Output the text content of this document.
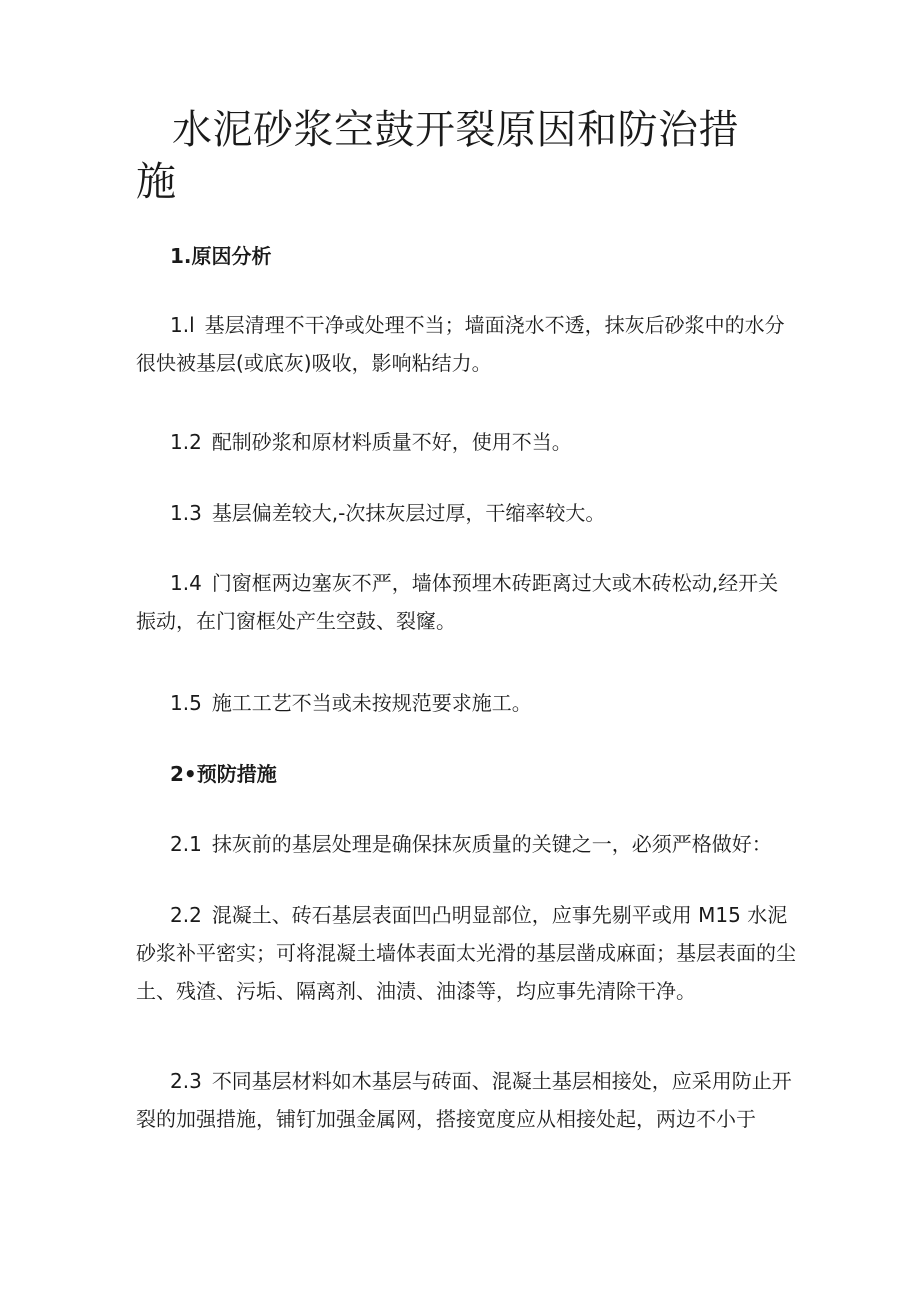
水泥砂浆空鼓开裂原因和防治措施

1.原因分析

1.l 基层清理不干净或处理不当；墙面浇水不透，抹灰后砂浆中的水分很快被基层(或底灰)吸收，影响粘结力。

1.2 配制砂浆和原材料质量不好，使用不当。

1.3 基层偏差较大,-次抹灰层过厚，干缩率较大。

1.4 门窗框两边塞灰不严，墙体预埋木砖距离过大或木砖松动,经开关振动，在门窗框处产生空鼓、裂窿。

1.5 施工工艺不当或未按规范要求施工。

2•预防措施

2.1 抹灰前的基层处理是确保抹灰质量的关键之一，必须严格做好：

2.2 混凝土、砖石基层表面凹凸明显部位，应事先剔平或用 M15 水泥砂浆补平密实；可将混凝土墙体表面太光滑的基层凿成麻面；基层表面的尘土、残渣、污垢、隔离剂、油渍、油漆等，均应事先清除干净。

2.3 不同基层材料如木基层与砖面、混凝土基层相接处，应采用防止开裂的加强措施，铺钉加强金属网，搭接宽度应从相接处起，两边不小于
